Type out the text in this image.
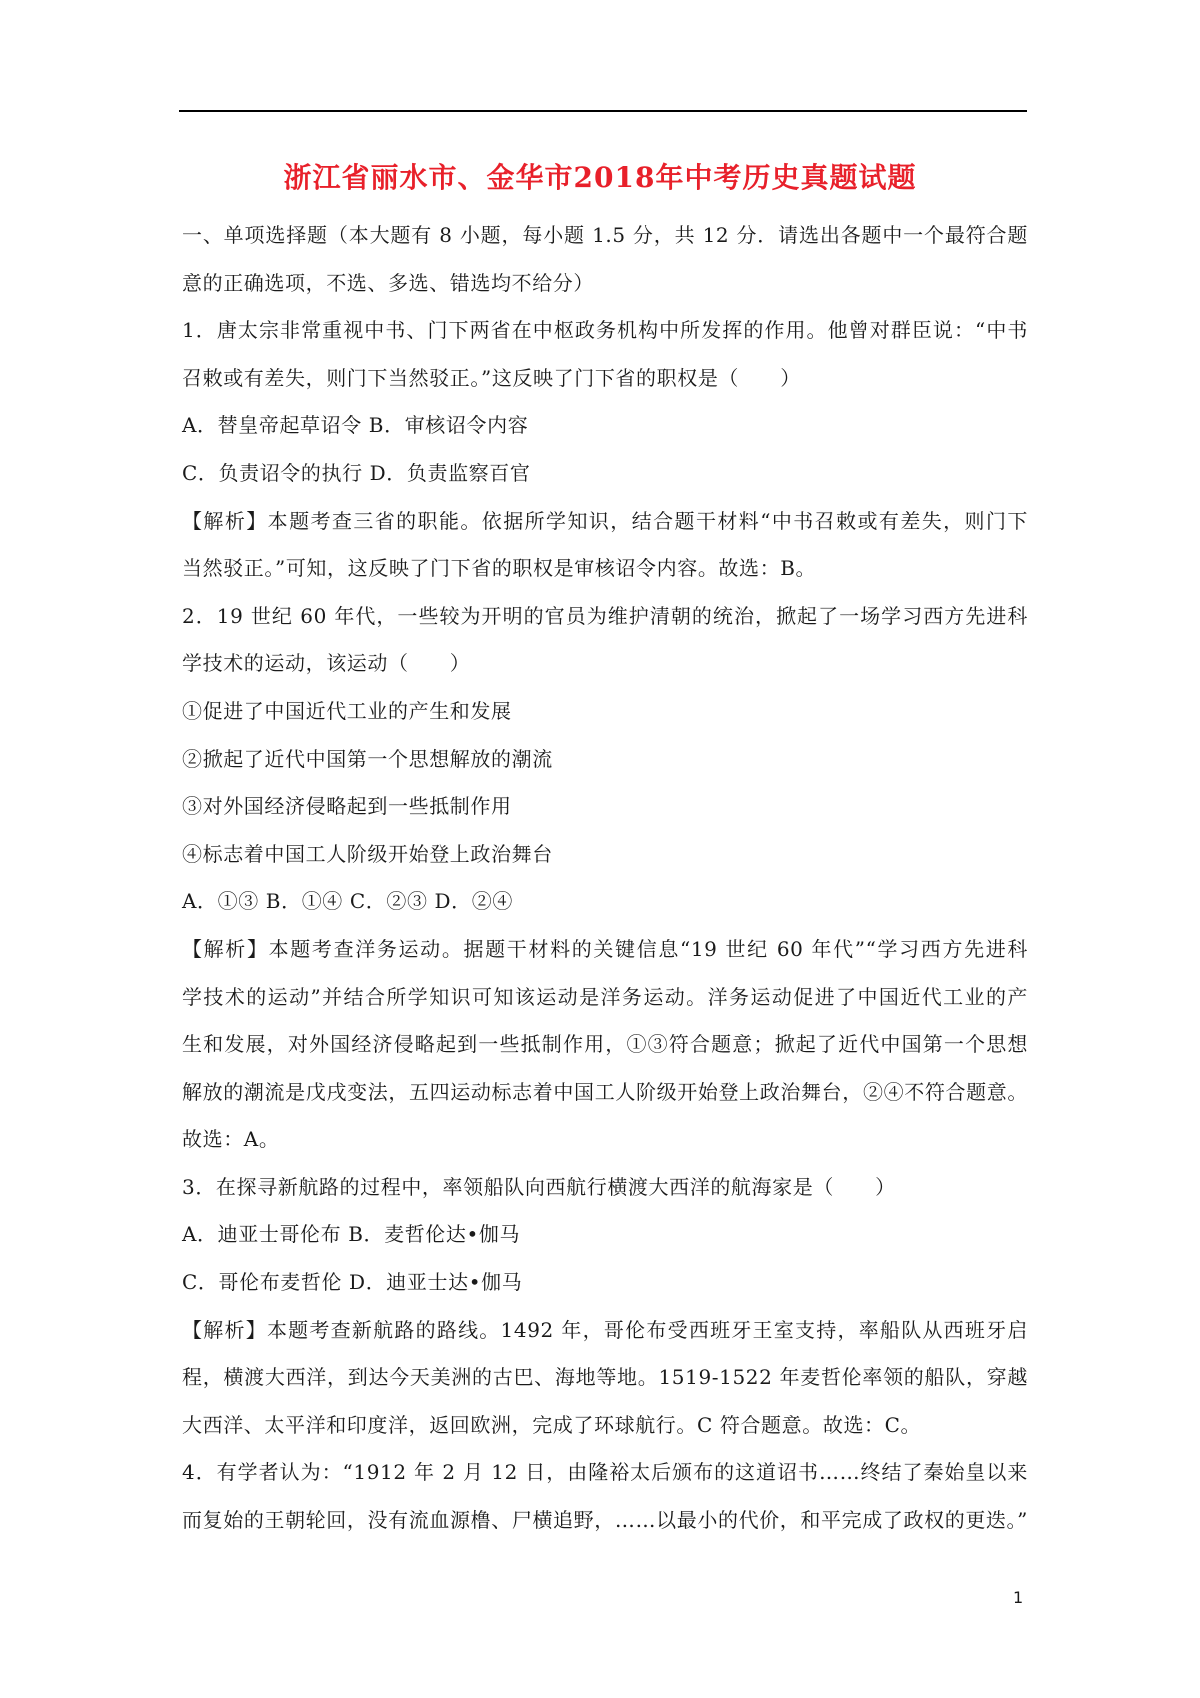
浙江省丽水市、金华市2018年中考历史真题试题
一、单项选择题（本大题有 8 小题，每小题 1.5 分，共 12 分．请选出各题中一个最符合题
意的正确选项，不选、多选、错选均不给分）
1．唐太宗非常重视中书、门下两省在中枢政务机构中所发挥的作用。他曾对群臣说：“中书
召敕或有差失，则门下当然驳正。”这反映了门下省的职权是（　　）
A．替皇帝起草诏令 B．审核诏令内容
C．负责诏令的执行 D．负责监察百官
【解析】本题考查三省的职能。依据所学知识，结合题干材料“中书召敕或有差失，则门下
当然驳正。”可知，这反映了门下省的职权是审核诏令内容。故选：B。
2．19 世纪 60 年代，一些较为开明的官员为维护清朝的统治，掀起了一场学习西方先进科
学技术的运动，该运动（　　）
①促进了中国近代工业的产生和发展
②掀起了近代中国第一个思想解放的潮流
③对外国经济侵略起到一些抵制作用
④标志着中国工人阶级开始登上政治舞台
A．①③ B．①④ C．②③ D．②④
【解析】本题考查洋务运动。据题干材料的关键信息“19 世纪 60 年代”“学习西方先进科
学技术的运动”并结合所学知识可知该运动是洋务运动。洋务运动促进了中国近代工业的产
生和发展，对外国经济侵略起到一些抵制作用，①③符合题意；掀起了近代中国第一个思想
解放的潮流是戊戌变法，五四运动标志着中国工人阶级开始登上政治舞台，②④不符合题意。
故选：A。
3．在探寻新航路的过程中，率领船队向西航行横渡大西洋的航海家是（　　）
A．迪亚士哥伦布 B．麦哲伦达•伽马
C．哥伦布麦哲伦 D．迪亚士达•伽马
【解析】本题考查新航路的路线。1492 年，哥伦布受西班牙王室支持，率船队从西班牙启
程，横渡大西洋，到达今天美洲的古巴、海地等地。1519-1522 年麦哲伦率领的船队，穿越
大西洋、太平洋和印度洋，返回欧洲，完成了环球航行。C 符合题意。故选：C。
4．有学者认为：“1912 年 2 月 12 日，由隆裕太后颁布的这道诏书……终结了秦始皇以来
而复始的王朝轮回，没有流血源橹、尸横追野，……以最小的代价，和平完成了政权的更迭。”
1
